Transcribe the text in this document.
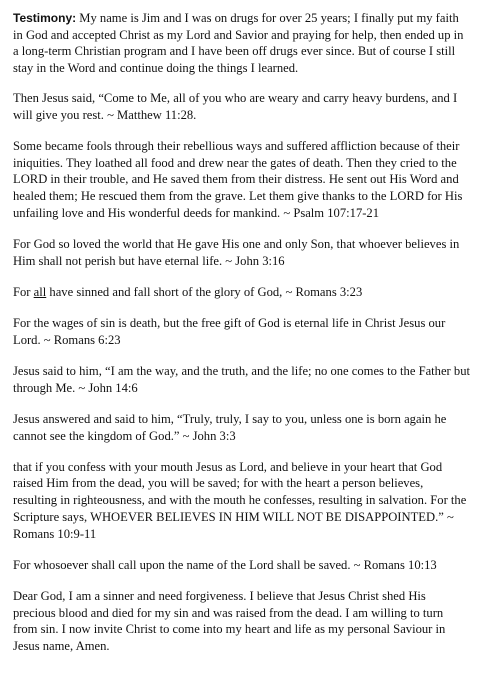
Testimony: My name is Jim and I was on drugs for over 25 years; I finally put my faith in God and accepted Christ as my Lord and Savior and praying for help, then ended up in a long-term Christian program and I have been off drugs ever since. But of course I still stay in the Word and continue doing the things I learned.

Then Jesus said, “Come to Me, all of you who are weary and carry heavy burdens, and I will give you rest. ~ Matthew 11:28.

Some became fools through their rebellious ways and suffered affliction because of their iniquities. They loathed all food and drew near the gates of death. Then they cried to the LORD in their trouble, and He saved them from their distress. He sent out His Word and healed them; He rescued them from the grave. Let them give thanks to the LORD for His unfailing love and His wonderful deeds for mankind. ~ Psalm 107:17-21

For God so loved the world that He gave His one and only Son, that whoever believes in Him shall not perish but have eternal life. ~ John 3:16

For all have sinned and fall short of the glory of God, ~ Romans 3:23

For the wages of sin is death, but the free gift of God is eternal life in Christ Jesus our Lord. ~ Romans 6:23

Jesus said to him, “I am the way, and the truth, and the life; no one comes to the Father but through Me. ~ John 14:6

Jesus answered and said to him, “Truly, truly, I say to you, unless one is born again he cannot see the kingdom of God.” ~ John 3:3

that if you confess with your mouth Jesus as Lord, and believe in your heart that God raised Him from the dead, you will be saved; for with the heart a person believes, resulting in righteousness, and with the mouth he confesses, resulting in salvation. For the Scripture says, WHOEVER BELIEVES IN HIM WILL NOT BE DISAPPOINTED.” ~ Romans 10:9-11

For whosoever shall call upon the name of the Lord shall be saved. ~ Romans 10:13

Dear God, I am a sinner and need forgiveness. I believe that Jesus Christ shed His precious blood and died for my sin and was raised from the dead. I am willing to turn from sin. I now invite Christ to come into my heart and life as my personal Saviour in Jesus name, Amen.
